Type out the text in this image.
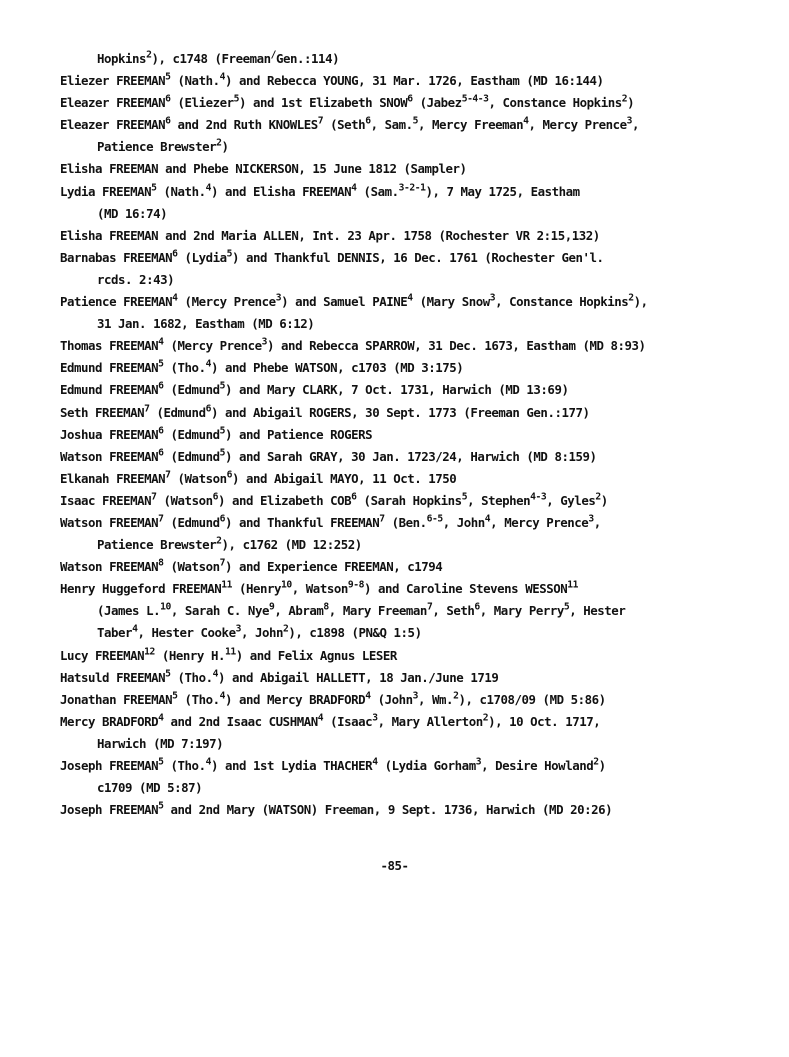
Hopkins$^2$), c1748 (Freeman/Gen.:114)
Eliezer FREEMAN$^5$ (Nath.$^4$) and Rebecca YOUNG, 31 Mar. 1726, Eastham (MD 16:144)
Eleazer FREEMAN$^6$ (Eliezer$^5$) and 1st Elizabeth SNOW$^6$ (Jabez$^{5-4-3}$, Constance Hopkins$^2$)
Eleazer FREEMAN$^6$ and 2nd Ruth KNOWLES$^7$ (Seth$^6$, Sam.$^5$, Mercy Freeman$^4$, Mercy Prence$^3$,
Patience Brewster$^2$)
Elisha FREEMAN and Phebe NICKERSON, 15 June 1812 (Sampler)
Lydia FREEMAN$^5$ (Nath.$^4$) and Elisha FREEMAN$^4$ (Sam.$^{3-2-1}$), 7 May 1725, Eastham
(MD 16:74)
Elisha FREEMAN and 2nd Maria ALLEN, Int. 23 Apr. 1758 (Rochester VR 2:15,132)
Barnabas FREEMAN$^6$ (Lydia$^5$) and Thankful DENNIS, 16 Dec. 1761 (Rochester Gen'l.
rcds. 2:43)
Patience FREEMAN$^4$ (Mercy Prence$^3$) and Samuel PAINE$^4$ (Mary Snow$^3$, Constance Hopkins$^2$),
31 Jan. 1682, Eastham (MD 6:12)
Thomas FREEMAN$^4$ (Mercy Prence$^3$) and Rebecca SPARROW, 31 Dec. 1673, Eastham (MD 8:93)
Edmund FREEMAN$^5$ (Tho.$^4$) and Phebe WATSON, c1703 (MD 3:175)
Edmund FREEMAN$^6$ (Edmund$^5$) and Mary CLARK, 7 Oct. 1731, Harwich (MD 13:69)
Seth FREEMAN$^7$ (Edmund$^6$) and Abigail ROGERS, 30 Sept. 1773 (Freeman Gen.:177)
Joshua FREEMAN$^6$ (Edmund$^5$) and Patience ROGERS
Watson FREEMAN$^6$ (Edmund$^5$) and Sarah GRAY, 30 Jan. 1723/24, Harwich (MD 8:159)
Elkanah FREEMAN$^7$ (Watson$^6$) and Abigail MAYO, 11 Oct. 1750
Isaac FREEMAN$^7$ (Watson$^6$) and Elizabeth COB$^6$ (Sarah Hopkins$^5$, Stephen$^{4-3}$, Gyles$^2$)
Watson FREEMAN$^7$ (Edmund$^6$) and Thankful FREEMAN$^7$ (Ben.$^{6-5}$, John$^4$, Mercy Prence$^3$,
Patience Brewster$^2$), c1762 (MD 12:252)
Watson FREEMAN$^8$ (Watson$^7$) and Experience FREEMAN, c1794
Henry Huggeford FREEMAN$^{11}$ (Henry$^{10}$, Watson$^{9-8}$) and Caroline Stevens WESSON$^{11}$
(James L.$^{10}$, Sarah C. Nye$^9$, Abram$^8$, Mary Freeman$^7$, Seth$^6$, Mary Perry$^5$, Hester
Taber$^4$, Hester Cooke$^3$, John$^2$), c1898 (PN&Q 1:5)
Lucy FREEMAN$^{12}$ (Henry H.$^{11}$) and Felix Agnus LESER
Hatsuld FREEMAN$^5$ (Tho.$^4$) and Abigail HALLETT, 18 Jan./June 1719
Jonathan FREEMAN$^5$ (Tho.$^4$) and Mercy BRADFORD$^4$ (John$^3$, Wm.$^2$), c1708/09 (MD 5:86)
Mercy BRADFORD$^4$ and 2nd Isaac CUSHMAN$^4$ (Isaac$^3$, Mary Allerton$^2$), 10 Oct. 1717,
Harwich (MD 7:197)
Joseph FREEMAN$^5$ (Tho.$^4$) and 1st Lydia THACHER$^4$ (Lydia Gorham$^3$, Desire Howland$^2$)
c1709 (MD 5:87)
Joseph FREEMAN$^5$ and 2nd Mary (WATSON) Freeman, 9 Sept. 1736, Harwich (MD 20:26)
-85-
